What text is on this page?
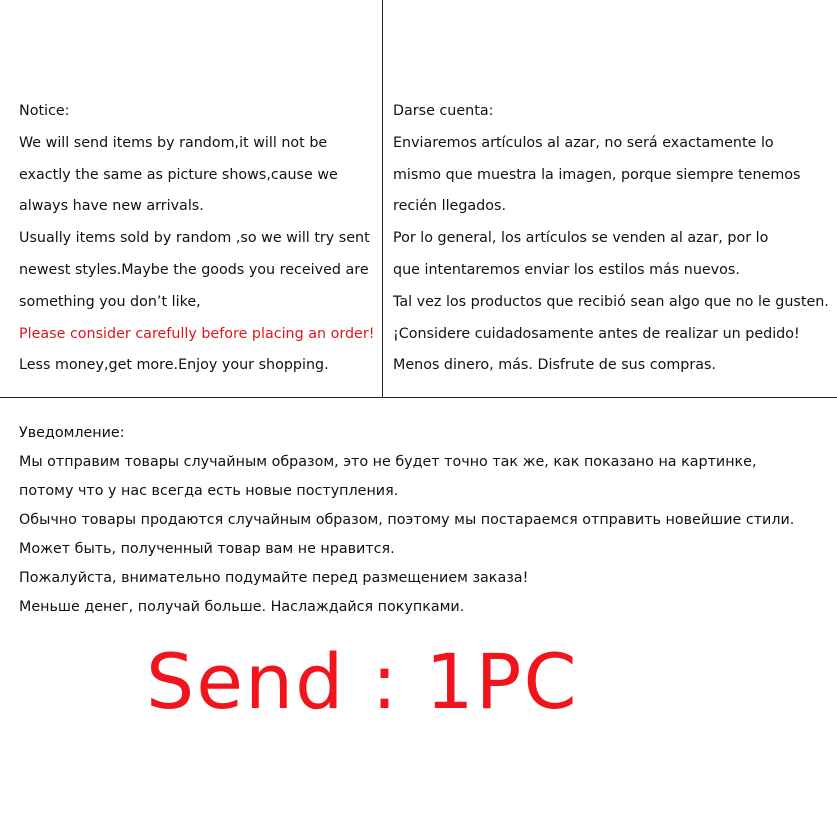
Notice:
We will send items by random,it will not be
exactly the same as picture shows,cause we
always have new arrivals.
Usually items sold by random ,so we will try sent
newest styles.Maybe the goods you received are
something you don’t like,
Please consider carefully before placing an order!
Less money,get more.Enjoy your shopping.
Darse cuenta:
Enviaremos artículos al azar, no será exactamente lo
mismo que muestra la imagen, porque siempre tenemos
recién llegados.
Por lo general, los artículos se venden al azar, por lo
que intentaremos enviar los estilos más nuevos.
Tal vez los productos que recibió sean algo que no le gusten.
¡Considere cuidadosamente antes de realizar un pedido!
Menos dinero, más. Disfrute de sus compras.
Уведомление:
Мы отправим товары случайным образом, это не будет точно так же, как показано на картинке,
потому что у нас всегда есть новые поступления.
Обычно товары продаются случайным образом, поэтому мы постараемся отправить новейшие стили.
Может быть, полученный товар вам не нравится.
Пожалуйста, внимательно подумайте перед размещением заказа!
Меньше денег, получай больше. Наслаждайся покупками.
Send : 1PC
